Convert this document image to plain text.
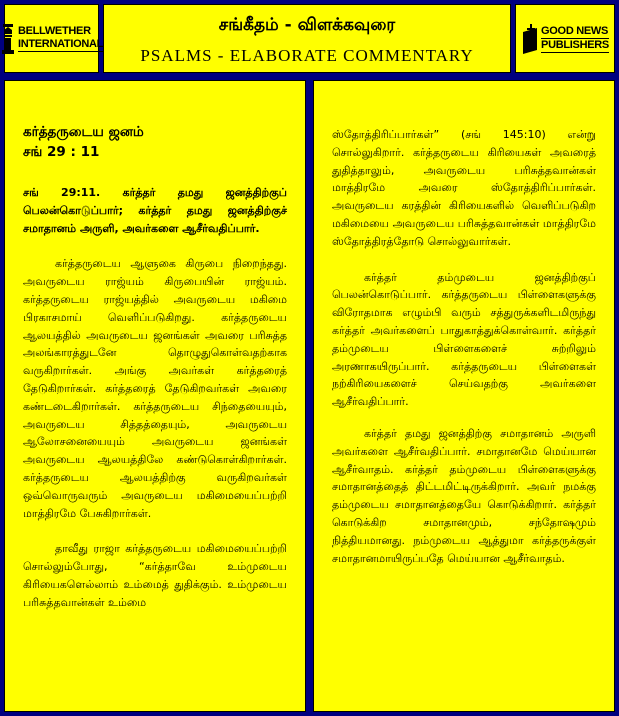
BELLWETHER
INTERNATIONAL
சங்கீதம் - விளக்கவுரை
PSALMS - ELABORATE COMMENTARY
GOOD NEWS
PUBLISHERS
கர்த்தருடைய ஜனம்
சங் 29 : 11

சங் 29:11. கர்த்தர் தமது ஜனத்திற்குப் பெலன்கொடுப்பார்; கர்த்தர் தமது ஜனத்திற்குச் சமாதானம் அருளி, அவர்களை ஆசீர்வதிப்பார்.

கர்த்தருடைய ஆளுகை கிருபை நிறைந்தது. அவருடைய ராஜ்யம் கிருபையின் ராஜ்யம். கர்த்தருடைய ராஜ்யத்தில் அவருடைய மகிமை பிரகாசமாய் வெளிப்படுகிறது. கர்த்தருடைய ஆலயத்தில் அவருடைய ஜனங்கள் அவரை பரிசுத்த அலங்காரத்துடனே தொழுதுகொள்வதற்காக வருகிறார்கள். அங்கு அவர்கள் கர்த்தரைத் தேடுகிறார்கள். கர்த்தரைத் தேடுகிறவர்கள் அவரை கண்டடைகிறார்கள். கர்த்தருடைய சிந்தையையும், அவருடைய சித்தத்தையும், அவருடைய ஆலோசனையையும் அவருடைய ஜனங்கள் அவருடைய ஆலயத்திலே கண்டுகொள்கிறார்கள். கர்த்தருடைய ஆலயத்திற்கு வருகிறவர்கள் ஒவ்வொருவரும் அவருடைய மகிமையைப்பற்றி மாத்திரமே பேசுகிறார்கள்.

தாவீது ராஜா கர்த்தருடைய மகிமையைப்பற்றி சொல்லும்போது, “கர்த்தாவே உம்முடைய கிரியைகளெல்லாம் உம்மைத் துதிக்கும். உம்முடைய பரிசுத்தவான்கள் உம்மை

ஸ்தோத்திரிப்பார்கள்” (சங் 145:10) என்று சொல்லுகிறார். கர்த்தருடைய கிரியைகள் அவரைத் துதித்தாலும், அவருடைய பரிசுத்தவான்கள் மாத்திரமே அவரை ஸ்தோத்திரிப்பார்கள். அவருடைய கரத்தின் கிரியைகளில் வெளிப்படுகிற மகிமையை அவருடைய பரிசுத்தவான்கள் மாத்திரமே ஸ்தோத்திரத்தோடு சொல்லுவார்கள்.

கர்த்தர் தம்முடைய ஜனத்திற்குப் பெலன்கொடுப்பார். கர்த்தருடைய பிள்ளைகளுக்கு விரோதமாக எழும்பி வரும் சத்துருக்களிடமிருந்து கர்த்தர் அவர்களைப் பாதுகாத்துக்கொள்வார். கர்த்தர் தம்முடைய பிள்ளைகளைச் சுற்றிலும் அரணாகயிருப்பார். கர்த்தருடைய பிள்ளைகள் நற்கிரியைகளைச் செய்வதற்கு அவர்களை ஆசீர்வதிப்பார்.

கர்த்தர் தமது ஜனத்திற்கு சமாதானம் அருளி அவர்களை ஆசீர்வதிப்பார். சமாதானமே மெய்யான ஆசீர்வாதம். கர்த்தர் தம்முடைய பிள்ளைகளுக்கு சமாதானத்தைத் திட்டமிட்டிருக்கிறார். அவர் நமக்கு தம்முடைய சமாதானத்தையே கொடுக்கிறார். கர்த்தர் கொடுக்கிற சமாதானமும், சந்தோஷமும் நித்தியமானது. நம்முடைய ஆத்துமா கர்த்தருக்குள் சமாதானமாயிருப்பதே மெய்யான ஆசீர்வாதம்.
